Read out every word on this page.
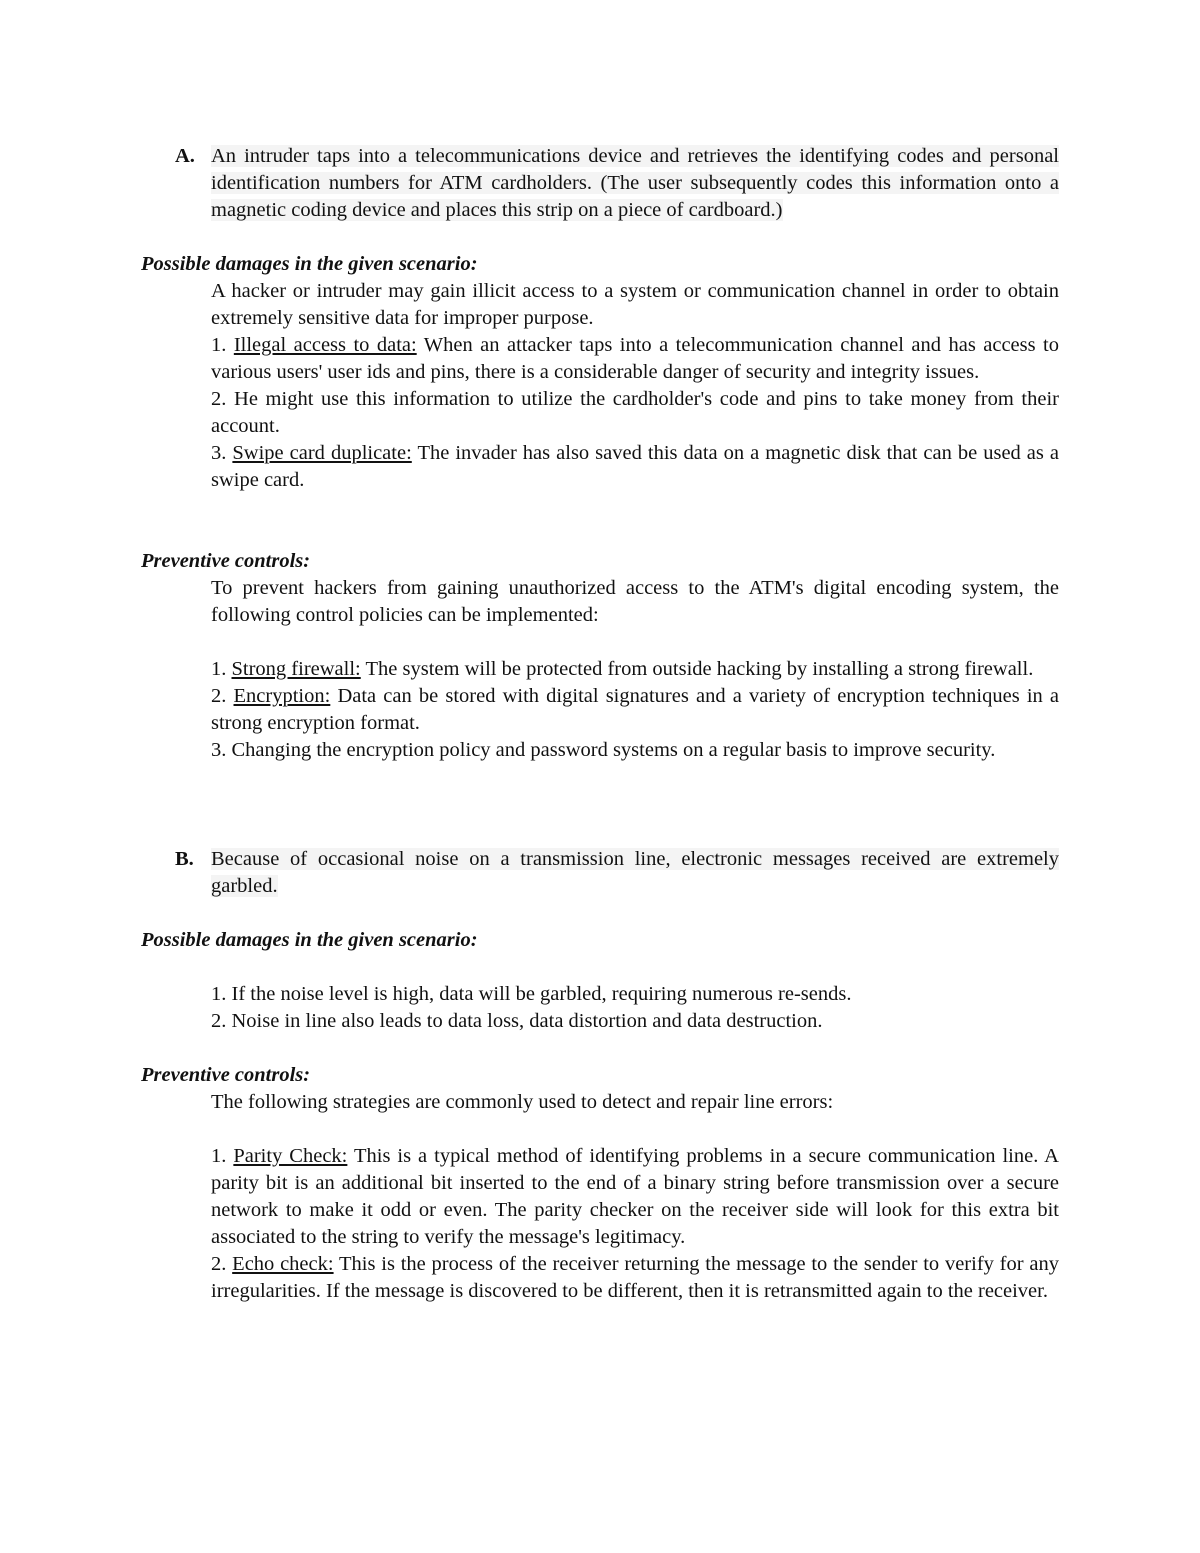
A. An intruder taps into a telecommunications device and retrieves the identifying codes and personal identification numbers for ATM cardholders. (The user subsequently codes this information onto a magnetic coding device and places this strip on a piece of cardboard.)
Possible damages in the given scenario:
A hacker or intruder may gain illicit access to a system or communication channel in order to obtain extremely sensitive data for improper purpose.
1. Illegal access to data: When an attacker taps into a telecommunication channel and has access to various users' user ids and pins, there is a considerable danger of security and integrity issues.
2. He might use this information to utilize the cardholder's code and pins to take money from their account.
3. Swipe card duplicate: The invader has also saved this data on a magnetic disk that can be used as a swipe card.
Preventive controls:
To prevent hackers from gaining unauthorized access to the ATM's digital encoding system, the following control policies can be implemented:
1. Strong firewall: The system will be protected from outside hacking by installing a strong firewall.
2. Encryption: Data can be stored with digital signatures and a variety of encryption techniques in a strong encryption format.
3. Changing the encryption policy and password systems on a regular basis to improve security.
B. Because of occasional noise on a transmission line, electronic messages received are extremely garbled.
Possible damages in the given scenario:
1. If the noise level is high, data will be garbled, requiring numerous re-sends.
2. Noise in line also leads to data loss, data distortion and data destruction.
Preventive controls:
The following strategies are commonly used to detect and repair line errors:
1. Parity Check: This is a typical method of identifying problems in a secure communication line. A parity bit is an additional bit inserted to the end of a binary string before transmission over a secure network to make it odd or even. The parity checker on the receiver side will look for this extra bit associated to the string to verify the message's legitimacy.
2. Echo check: This is the process of the receiver returning the message to the sender to verify for any irregularities. If the message is discovered to be different, then it is retransmitted again to the receiver.
